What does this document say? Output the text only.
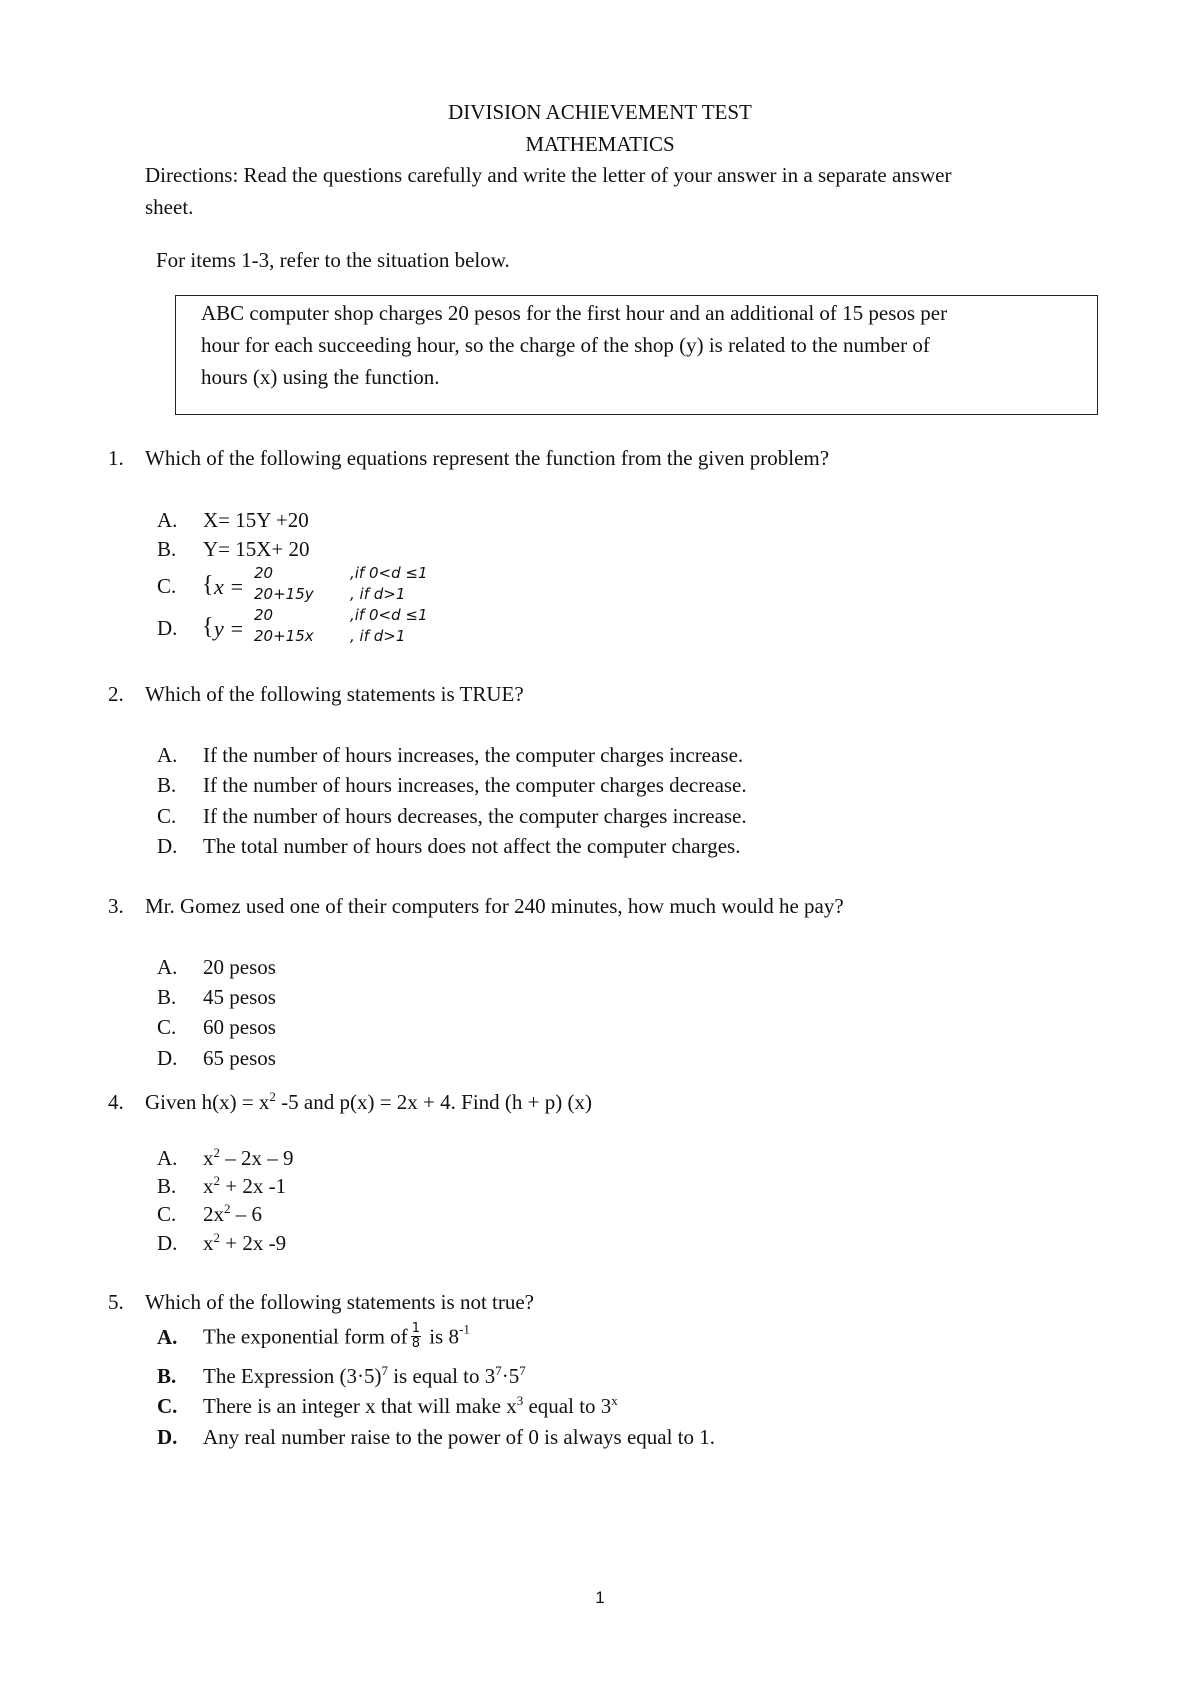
DIVISION ACHIEVEMENT TEST
MATHEMATICS
Directions: Read the questions carefully and write the letter of your answer in a separate answer
sheet.
For items 1-3, refer to the situation below.
ABC computer shop charges 20 pesos for the first hour and an additional of 15 pesos per
hour for each succeeding hour, so the charge of the shop (y) is related to the number of
hours (x) using the function.
1. Which of the following equations represent the function from the given problem?
A. X= 15Y +20
B. Y= 15X+ 20
C. { x =
20
20+15y
,if 0<d ≤1
, if d>1
D. { y =
20
20+15x
,if 0<d ≤1
, if d>1
2. Which of the following statements is TRUE?
A. If the number of hours increases, the computer charges increase.
B. If the number of hours increases, the computer charges decrease.
C. If the number of hours decreases, the computer charges increase.
D. The total number of hours does not affect the computer charges.
3. Mr. Gomez used one of their computers for 240 minutes, how much would he pay?
A. 20 pesos
B. 45 pesos
C. 60 pesos
D. 65 pesos
4. Given $h(x) = x^2$ -5 and p(x) = 2x + 4. Find (h + p) (x)
A. $x^2 - 2x - 9$
B. $x^2 + 2x$ -1
C. $2x^2 - 6$
D. $x^2 + 2x$ -9
5. Which of the following statements is not true?
A. The exponential form of $\frac{1}{8}$ is $8^{-1}$
B. The Expression $(3\cdot 5)^7$ is equal to $3^7\cdot 5^7$
C. There is an integer x that will make $x^3$ equal to 3$^x$
D. Any real number raise to the power of 0 is always equal to 1.
1
